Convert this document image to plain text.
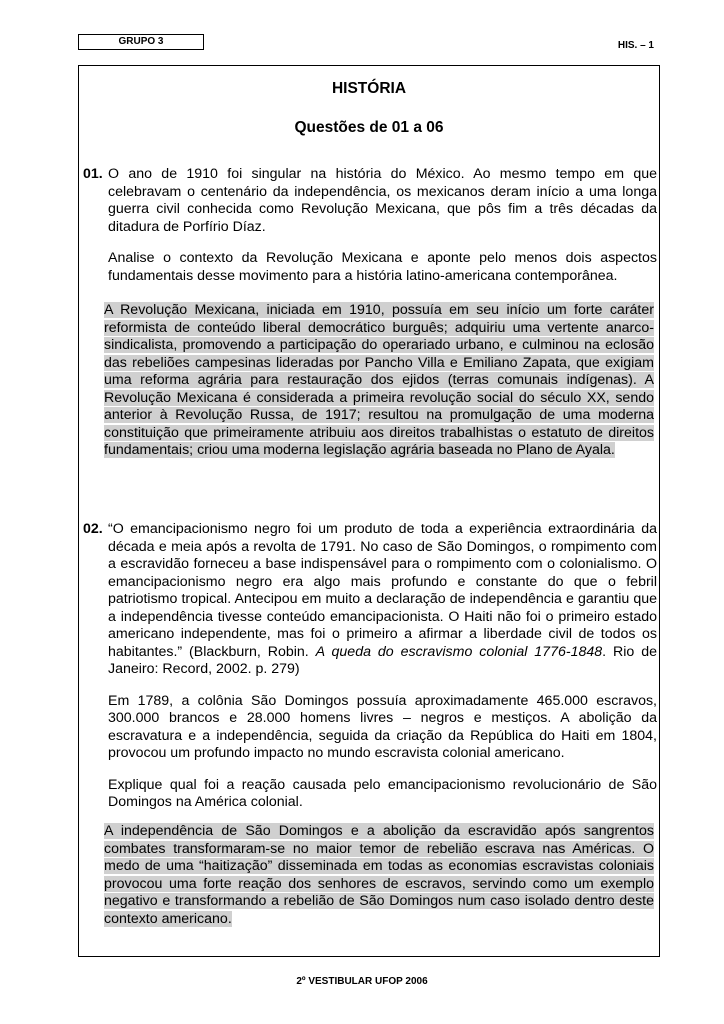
GRUPO 3	HIS. – 1
HISTÓRIA
Questões de 01 a 06
01. O ano de 1910 foi singular na história do México. Ao mesmo tempo em que celebravam o centenário da independência, os mexicanos deram início a uma longa guerra civil conhecida como Revolução Mexicana, que pôs fim a três décadas da ditadura de Porfírio Díaz.

Analise o contexto da Revolução Mexicana e aponte pelo menos dois aspectos fundamentais desse movimento para a história latino-americana contemporânea.

A Revolução Mexicana, iniciada em 1910, possuía em seu início um forte caráter reformista de conteúdo liberal democrático burguês; adquiriu uma vertente anarco-sindicalista, promovendo a participação do operariado urbano, e culminou na eclosão das rebeliões campesinas lideradas por Pancho Villa e Emiliano Zapata, que exigiam uma reforma agrária para restauração dos ejidos (terras comunais indígenas). A Revolução Mexicana é considerada a primeira revolução social do século XX, sendo anterior à Revolução Russa, de 1917; resultou na promulgação de uma moderna constituição que primeiramente atribuiu aos direitos trabalhistas o estatuto de direitos fundamentais; criou uma moderna legislação agrária baseada no Plano de Ayala.
02. “O emancipacionismo negro foi um produto de toda a experiência extraordinária da década e meia após a revolta de 1791. No caso de São Domingos, o rompimento com a escravidão forneceu a base indispensável para o rompimento com o colonialismo. O emancipacionismo negro era algo mais profundo e constante do que o febril patriotismo tropical. Antecipou em muito a declaração de independência e garantiu que a independência tivesse conteúdo emancipacionista. O Haiti não foi o primeiro estado americano independente, mas foi o primeiro a afirmar a liberdade civil de todos os habitantes.” (Blackburn, Robin. A queda do escravismo colonial 1776-1848. Rio de Janeiro: Record, 2002. p. 279)

Em 1789, a colônia São Domingos possuía aproximadamente 465.000 escravos, 300.000 brancos e 28.000 homens livres – negros e mestiços. A abolição da escravatura e a independência, seguida da criação da República do Haiti em 1804, provocou um profundo impacto no mundo escravista colonial americano.

Explique qual foi a reação causada pelo emancipacionismo revolucionário de São Domingos na América colonial.

A independência de São Domingos e a abolição da escravidão após sangrentos combates transformaram-se no maior temor de rebelião escrava nas Américas. O medo de uma “haitização” disseminada em todas as economias escravistas coloniais provocou uma forte reação dos senhores de escravos, servindo como um exemplo negativo e transformando a rebelião de São Domingos num caso isolado dentro deste contexto americano.
2º VESTIBULAR UFOP 2006
